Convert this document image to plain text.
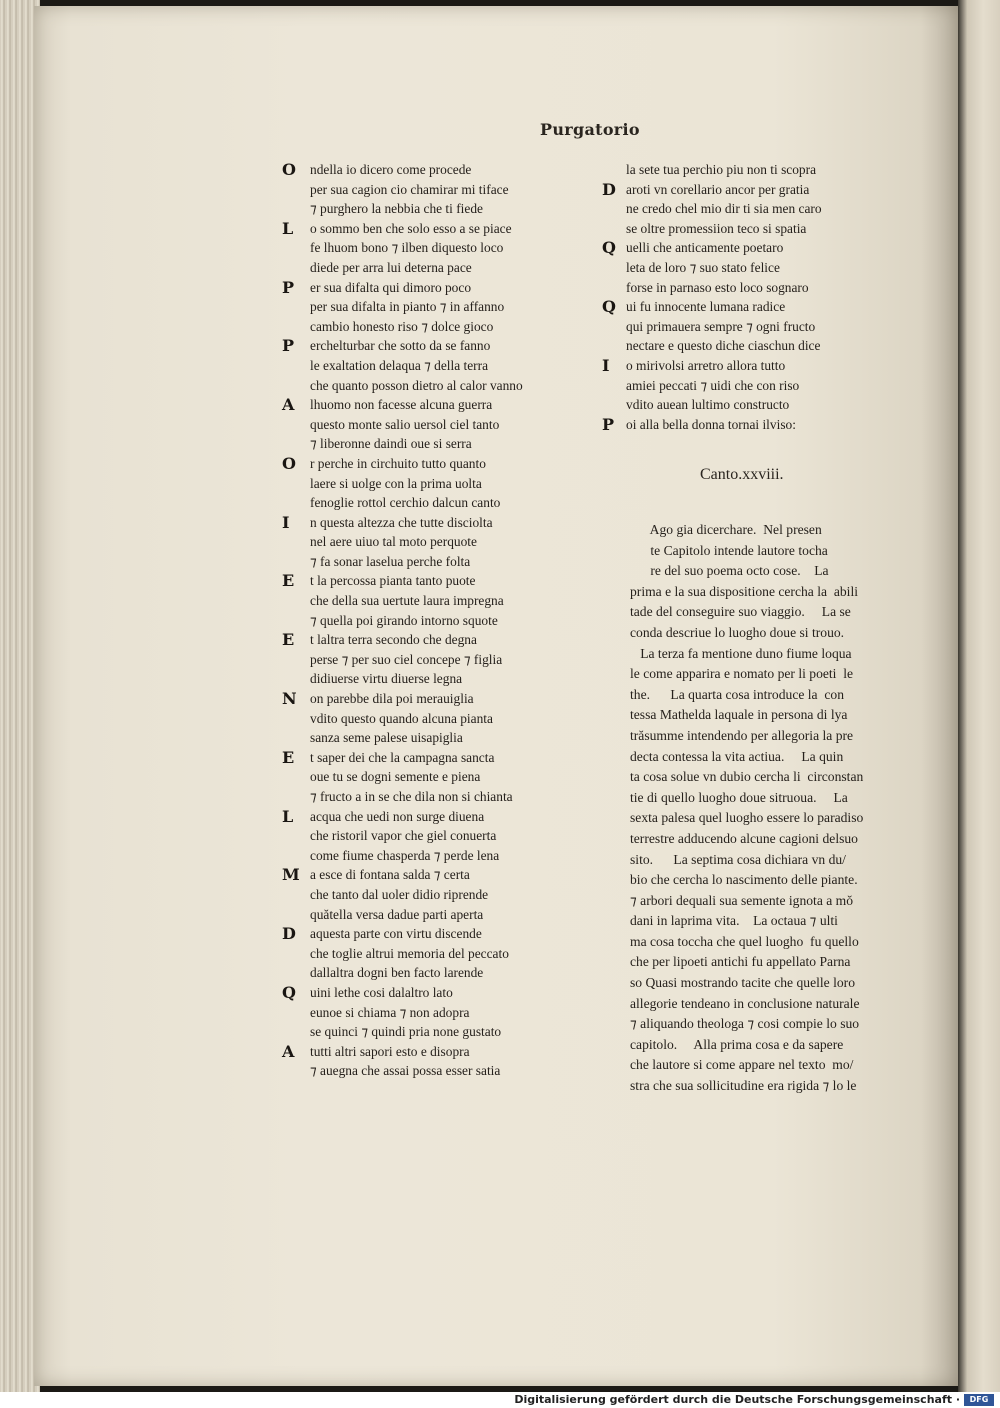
Purgatorio
O	ndella io dicero come procede
per sua cagion cio chamirar mi tiface
⁊ purghero la nebbia che ti fiede
L	o sommo ben che solo esso a se piace
fe lhuom bono ⁊ ilben diquesto loco
diede per arra lui deterna pace
P	er sua difalta qui dimoro poco
per sua difalta in pianto ⁊ in affanno
cambio honesto riso ⁊ dolce gioco
P	erchelturbar che sotto da se fanno
le exaltation delaqua ⁊ della terra
che quanto posson dietro al calor vanno
A	lhuomo non facesse alcuna guerra
questo monte salio uersol ciel tanto
⁊ liberonne daindi oue si serra
O	r perche in circhuito tutto quanto
laere si uolge con la prima uolta
fenoglie rottol cerchio dalcun canto
I	n questa altezza che tutte disciolta
nel aere uiuo tal moto perquote
⁊ fa sonar laselua perche folta
E	t la percossa pianta tanto puote
che della sua uertute laura impregna
⁊ quella poi girando intorno squote
E	t laltra terra secondo che degna
perse ⁊ per suo ciel concepe ⁊ figlia
didiuerse virtu diuerse legna
N on parebbe dila poi merauiglia
vdito questo quando alcuna pianta
sanza seme palese uisapiglia
E	t saper dei che la campagna sancta
oue tu se dogni semente e piena
⁊ fructo a in se che dila non si chianta
L	acqua che uedi non surge diuena
che ristoril vapor che giel conuerta
come fiume chasperda ⁊ perde lena
M a esce di fontana salda ⁊ certa
che tanto dal uoler didio riprende
quătella versa dadue parti aperta
D	aquesta parte con virtu discende
che toglie altrui memoria del peccato
dallaltra dogni ben facto larende
Q	uini lethe cosi dalaltro lato
eunoe si chiama ⁊ non adopra
se quinci ⁊ quindi pria none gustato
A	tutti altri sapori esto e disopra
⁊ auegna che assai possa esser satia
la sete tua perchio piu non ti scopra
D aroti vn corellario ancor per gratia
ne credo chel mio dir ti sia men caro
se oltre promessiion teco si spatia
Q uelli che anticamente poetaro
leta de loro ⁊ suo stato felice
forse in parnaso esto loco sognaro
Q ui fu innocente lumana radice
qui primauera sempre ⁊ ogni fructo
nectare e questo diche ciaschun dice
I	o mirivolsi arretro allora tutto
amiei peccati ⁊ uidi che con riso
vdito auean lultimo constructo
P oi alla bella donna tornai ilviso:
Canto.xxviii.
Ago gia dicerchare.  Nel presen
te Capitolo intende lautore tocha
re del suo poema octo cose.    La
prima e la sua dispositione cercha la  abili
tade del conseguire suo viaggio.     La se
conda descriue lo luogho doue si trouo.
La terza fa mentione duno fiume loqua
le come apparira e nomato per li poeti  le
the.      La quarta cosa introduce la  con
tessa Mathelda laquale in persona di lya
trăsumme intendendo per allegoria la pre
decta contessa la vita actiua.     La quin
ta cosa solue vn dubio cercha li  circonstan
tie di quello luogho doue sitruoua.     La
sexta palesa quel luogho essere lo paradiso
terrestre adducendo alcune cagioni delsuo
sito.      La septima cosa dichiara vn du/
bio che cercha lo nascimento delle piante.
⁊ arbori dequali sua semente ignota a mŏ
dani in laprima vita.    La octaua ⁊ ulti
ma cosa toccha che quel luogho  fu quello
che per lipoeti antichi fu appellato Parna
so Quasi mostrando tacite che quelle loro
allegorie tendeano in conclusione naturale
⁊ aliquando theologa ⁊ cosi compie lo suo
capitolo.     Alla prima cosa e da sapere
che lautore si come appare nel texto  mo/
stra che sua sollicitudine era rigida ⁊ lo le
Digitalisierung gefördert durch die Deutsche Forschungsgemeinschaft ·	DFG
